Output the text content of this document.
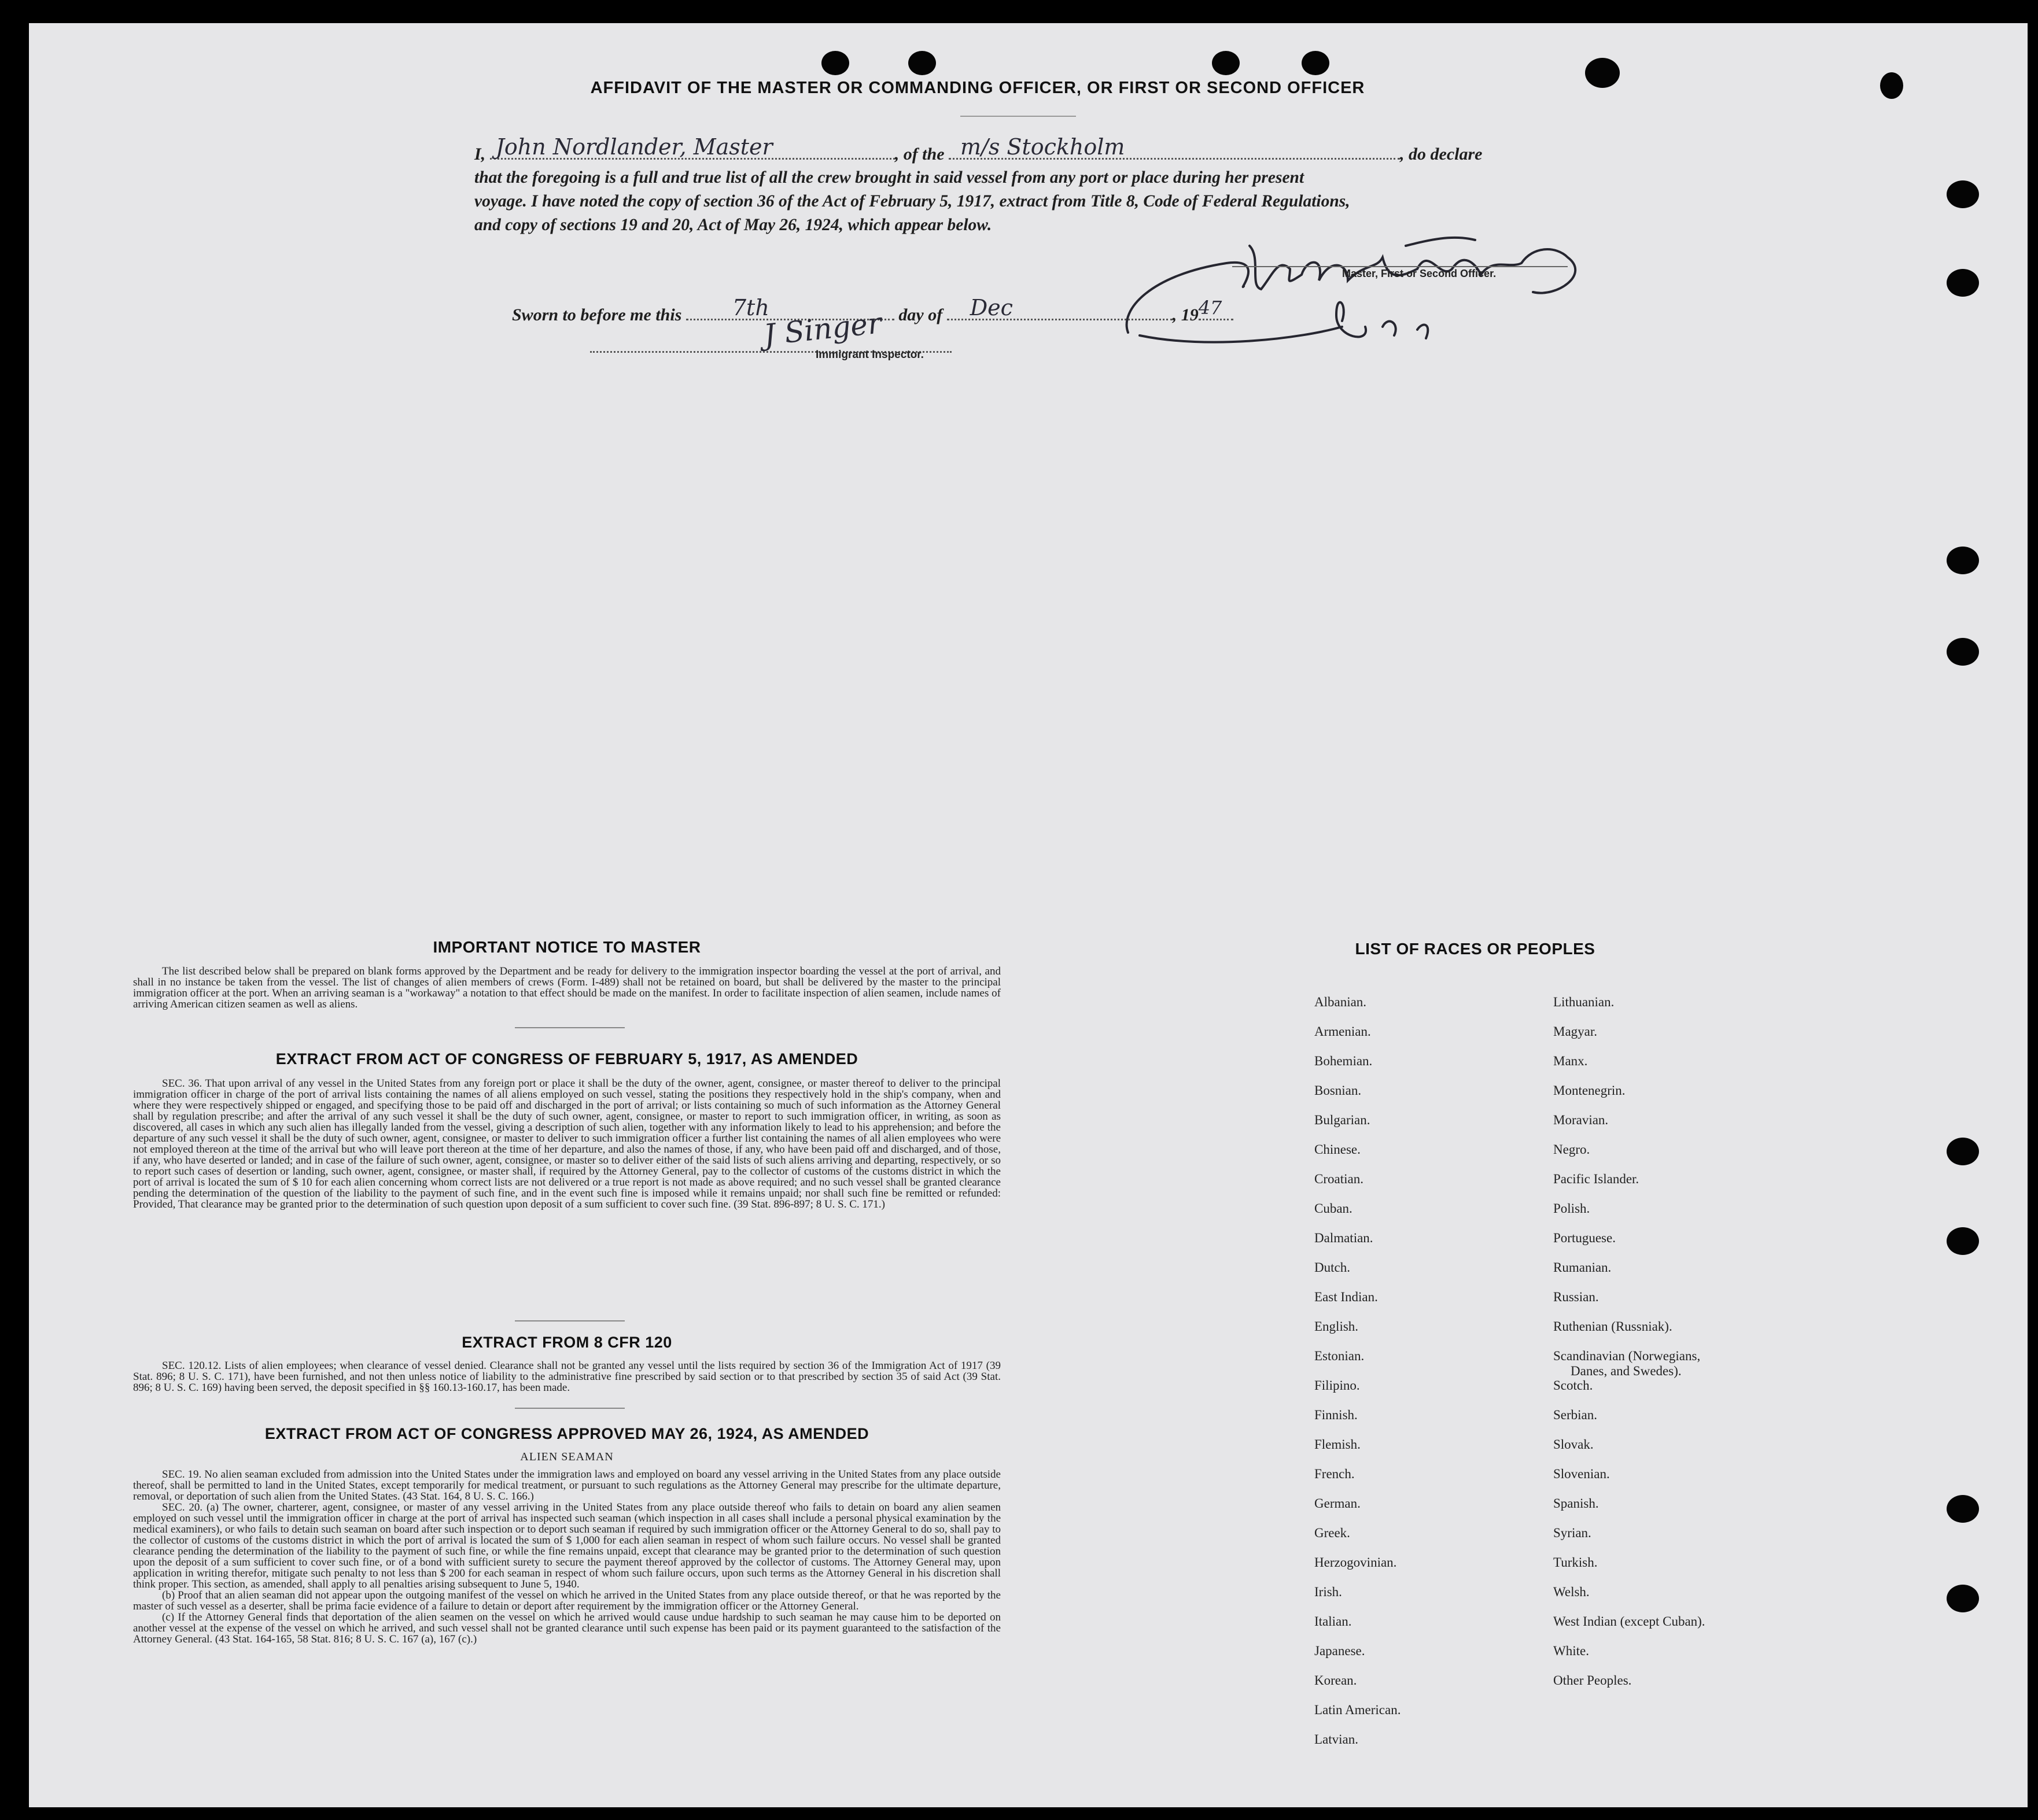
AFFIDAVIT OF THE MASTER OR COMMANDING OFFICER, OR FIRST OR SECOND OFFICER
I, John Nordlander, Master	, of the m/s Stockholm	, do declare
that the foregoing is a full and true list of all the crew brought in said vessel from any port or place during her present
voyage. I have noted the copy of section 36 of the Act of February 5, 1917, extract from Title 8, Code of Federal Regulations,
and copy of sections 19 and 20, Act of May 26, 1924, which appear below.
Master, First or Second Officer.
Sworn to before me this 7th	day of Dec	, 19 47
J Singer
Immigrant Inspector.
IMPORTANT NOTICE TO MASTER

The list described below shall be prepared on blank forms approved by the Department and be ready for delivery to the immigration inspector boarding the vessel at the port of arrival, and shall in no instance be taken from the vessel. The list of changes of alien members of crews (Form. I-489) shall not be retained on board, but shall be delivered by the master to the principal immigration officer at the port. When an arriving seaman is a "workaway" a notation to that effect should be made on the manifest. In order to facilitate inspection of alien seamen, include names of arriving American citizen seamen as well as aliens.

EXTRACT FROM ACT OF CONGRESS OF FEBRUARY 5, 1917, AS AMENDED

SEC. 36. That upon arrival of any vessel in the United States from any foreign port or place it shall be the duty of the owner, agent, consignee, or master thereof to deliver to the principal immigration officer in charge of the port of arrival lists containing the names of all aliens employed on such vessel, stating the positions they respectively hold in the ship's company, when and where they were respectively shipped or engaged, and specifying those to be paid off and discharged in the port of arrival; or lists containing so much of such information as the Attorney General shall by regulation prescribe; and after the arrival of any such vessel it shall be the duty of such owner, agent, consignee, or master to report to such immigration officer, in writing, as soon as discovered, all cases in which any such alien has illegally landed from the vessel, giving a description of such alien, together with any information likely to lead to his apprehension; and before the departure of any such vessel it shall be the duty of such owner, agent, consignee, or master to deliver to such immigration officer a further list containing the names of all alien employees who were not employed thereon at the time of the arrival but who will leave port thereon at the time of her departure, and also the names of those, if any, who have been paid off and discharged, and of those, if any, who have deserted or landed; and in case of the failure of such owner, agent, consignee, or master so to deliver either of the said lists of such aliens arriving and departing, respectively, or so to report such cases of desertion or landing, such owner, agent, consignee, or master shall, if required by the Attorney General, pay to the collector of customs of the customs district in which the port of arrival is located the sum of $ 10 for each alien concerning whom correct lists are not delivered or a true report is not made as above required; and no such vessel shall be granted clearance pending the determination of the question of the liability to the payment of such fine, and in the event such fine is imposed while it remains unpaid; nor shall such fine be remitted or refunded: Provided, That clearance may be granted prior to the determination of such question upon deposit of a sum sufficient to cover such fine. (39 Stat. 896-897; 8 U. S. C. 171.)

EXTRACT FROM 8 CFR 120

SEC. 120.12. Lists of alien employees; when clearance of vessel denied. Clearance shall not be granted any vessel until the lists required by section 36 of the Immigration Act of 1917 (39 Stat. 896; 8 U. S. C. 171), have been furnished, and not then unless notice of liability to the administrative fine prescribed by said section or to that prescribed by section 35 of said Act (39 Stat. 896; 8 U. S. C. 169) having been served, the deposit specified in §§ 160.13-160.17, has been made.

EXTRACT FROM ACT OF CONGRESS APPROVED MAY 26, 1924, AS AMENDED
ALIEN SEAMAN

SEC. 19. No alien seaman excluded from admission into the United States under the immigration laws and employed on board any vessel arriving in the United States from any place outside thereof, shall be permitted to land in the United States, except temporarily for medical treatment, or pursuant to such regulations as the Attorney General may prescribe for the ultimate departure, removal, or deportation of such alien from the United States. (43 Stat. 164, 8 U. S. C. 166.)

SEC. 20. (a) The owner, charterer, agent, consignee, or master of any vessel arriving in the United States from any place outside thereof who fails to detain on board any alien seamen employed on such vessel until the immigration officer in charge at the port of arrival has inspected such seaman (which inspection in all cases shall include a personal physical examination by the medical examiners), or who fails to detain such seaman on board after such inspection or to deport such seaman if required by such immigration officer or the Attorney General to do so, shall pay to the collector of customs of the customs district in which the port of arrival is located the sum of $ 1,000 for each alien seaman in respect of whom such failure occurs. No vessel shall be granted clearance pending the determination of the liability to the payment of such fine, or while the fine remains unpaid, except that clearance may be granted prior to the determination of such question upon the deposit of a sum sufficient to cover such fine, or of a bond with sufficient surety to secure the payment thereof approved by the collector of customs. The Attorney General may, upon application in writing therefor, mitigate such penalty to not less than $ 200 for each seaman in respect of whom such failure occurs, upon such terms as the Attorney General in his discretion shall think proper. This section, as amended, shall apply to all penalties arising subsequent to June 5, 1940.

(b) Proof that an alien seaman did not appear upon the outgoing manifest of the vessel on which he arrived in the United States from any place outside thereof, or that he was reported by the master of such vessel as a deserter, shall be prima facie evidence of a failure to detain or deport after requirement by the immigration officer or the Attorney General.

(c) If the Attorney General finds that deportation of the alien seamen on the vessel on which he arrived would cause undue hardship to such seaman he may cause him to be deported on another vessel at the expense of the vessel on which he arrived, and such vessel shall not be granted clearance until such expense has been paid or its payment guaranteed to the satisfaction of the Attorney General. (43 Stat. 164-165, 58 Stat. 816; 8 U. S. C. 167 (a), 167 (c).)

LIST OF RACES OR PEOPLES
Albanian.
Armenian.
Bohemian.
Bosnian.
Bulgarian.
Chinese.
Croatian.
Cuban.
Dalmatian.
Dutch.
East Indian.
English.
Estonian.
Filipino.
Finnish.
Flemish.
French.
German.
Greek.
Herzogovinian.
Irish.
Italian.
Japanese.
Korean.
Latin American.
Latvian.
Lithuanian.
Magyar.
Manx.
Montenegrin.
Moravian.
Negro.
Pacific Islander.
Polish.
Portuguese.
Rumanian.
Russian.
Ruthenian (Russniak).
Scandinavian (Norwegians,
Danes, and Swedes).
Scotch.
Serbian.
Slovak.
Slovenian.
Spanish.
Syrian.
Turkish.
Welsh.
West Indian (except Cuban).
White.
Other Peoples.
